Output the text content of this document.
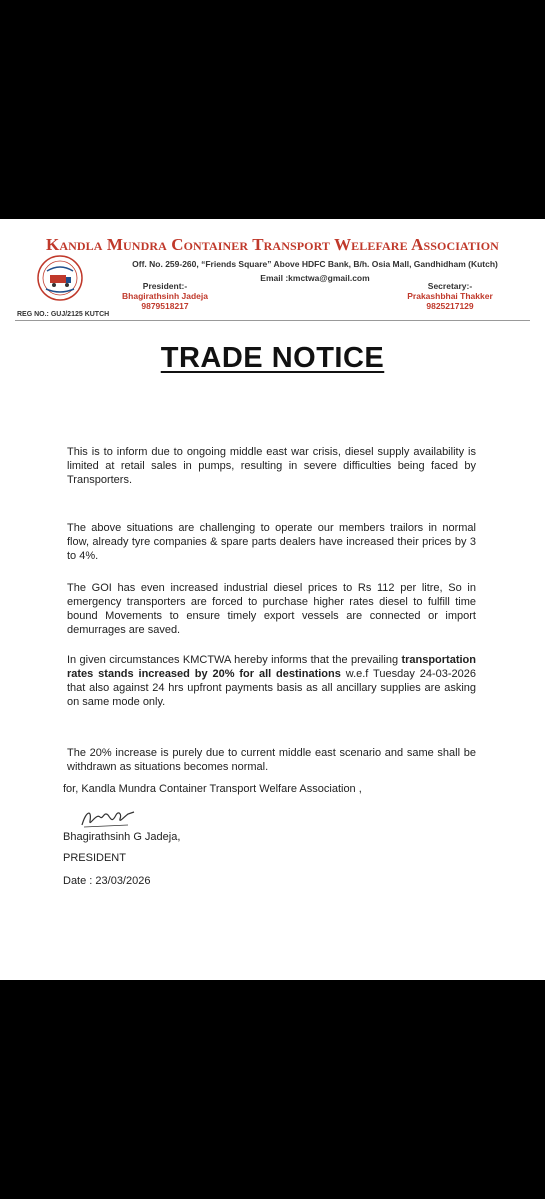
Kandla Mundra Container Transport Welefare Association
Off. No. 259-260, “Friends Square” Above HDFC Bank, B/h. Osia Mall, Gandhidham (Kutch)
Email :kmctwa@gmail.com
President:-
Bhagirathsinh Jadeja
9879518217
Secretary:-
Prakashbhai Thakker
9825217129
REG NO.: GUJ/2125 KUTCH
TRADE NOTICE
This is to inform due to ongoing middle east war crisis, diesel supply availability is limited at retail sales in pumps, resulting in severe difficulties being faced by Transporters.
The above situations are challenging to operate our members trailors in normal flow, already tyre companies & spare parts dealers have increased their prices by 3 to 4%.
The GOI has even increased industrial diesel prices to Rs 112 per litre, So in emergency transporters are forced to purchase higher rates diesel to fulfill time bound Movements to ensure timely export vessels are connected or import demurrages are saved.
In given circumstances KMCTWA hereby informs that the prevailing transportation rates stands increased by 20% for all destinations w.e.f Tuesday 24-03-2026 that also against 24 hrs upfront payments basis as all ancillary supplies are asking on same mode only.
The 20% increase is purely due to current middle east scenario and same shall be withdrawn as situations becomes normal.
for, Kandla Mundra Container Transport Welfare Association ,
Bhagirathsinh G Jadeja,
PRESIDENT
Date : 23/03/2026
